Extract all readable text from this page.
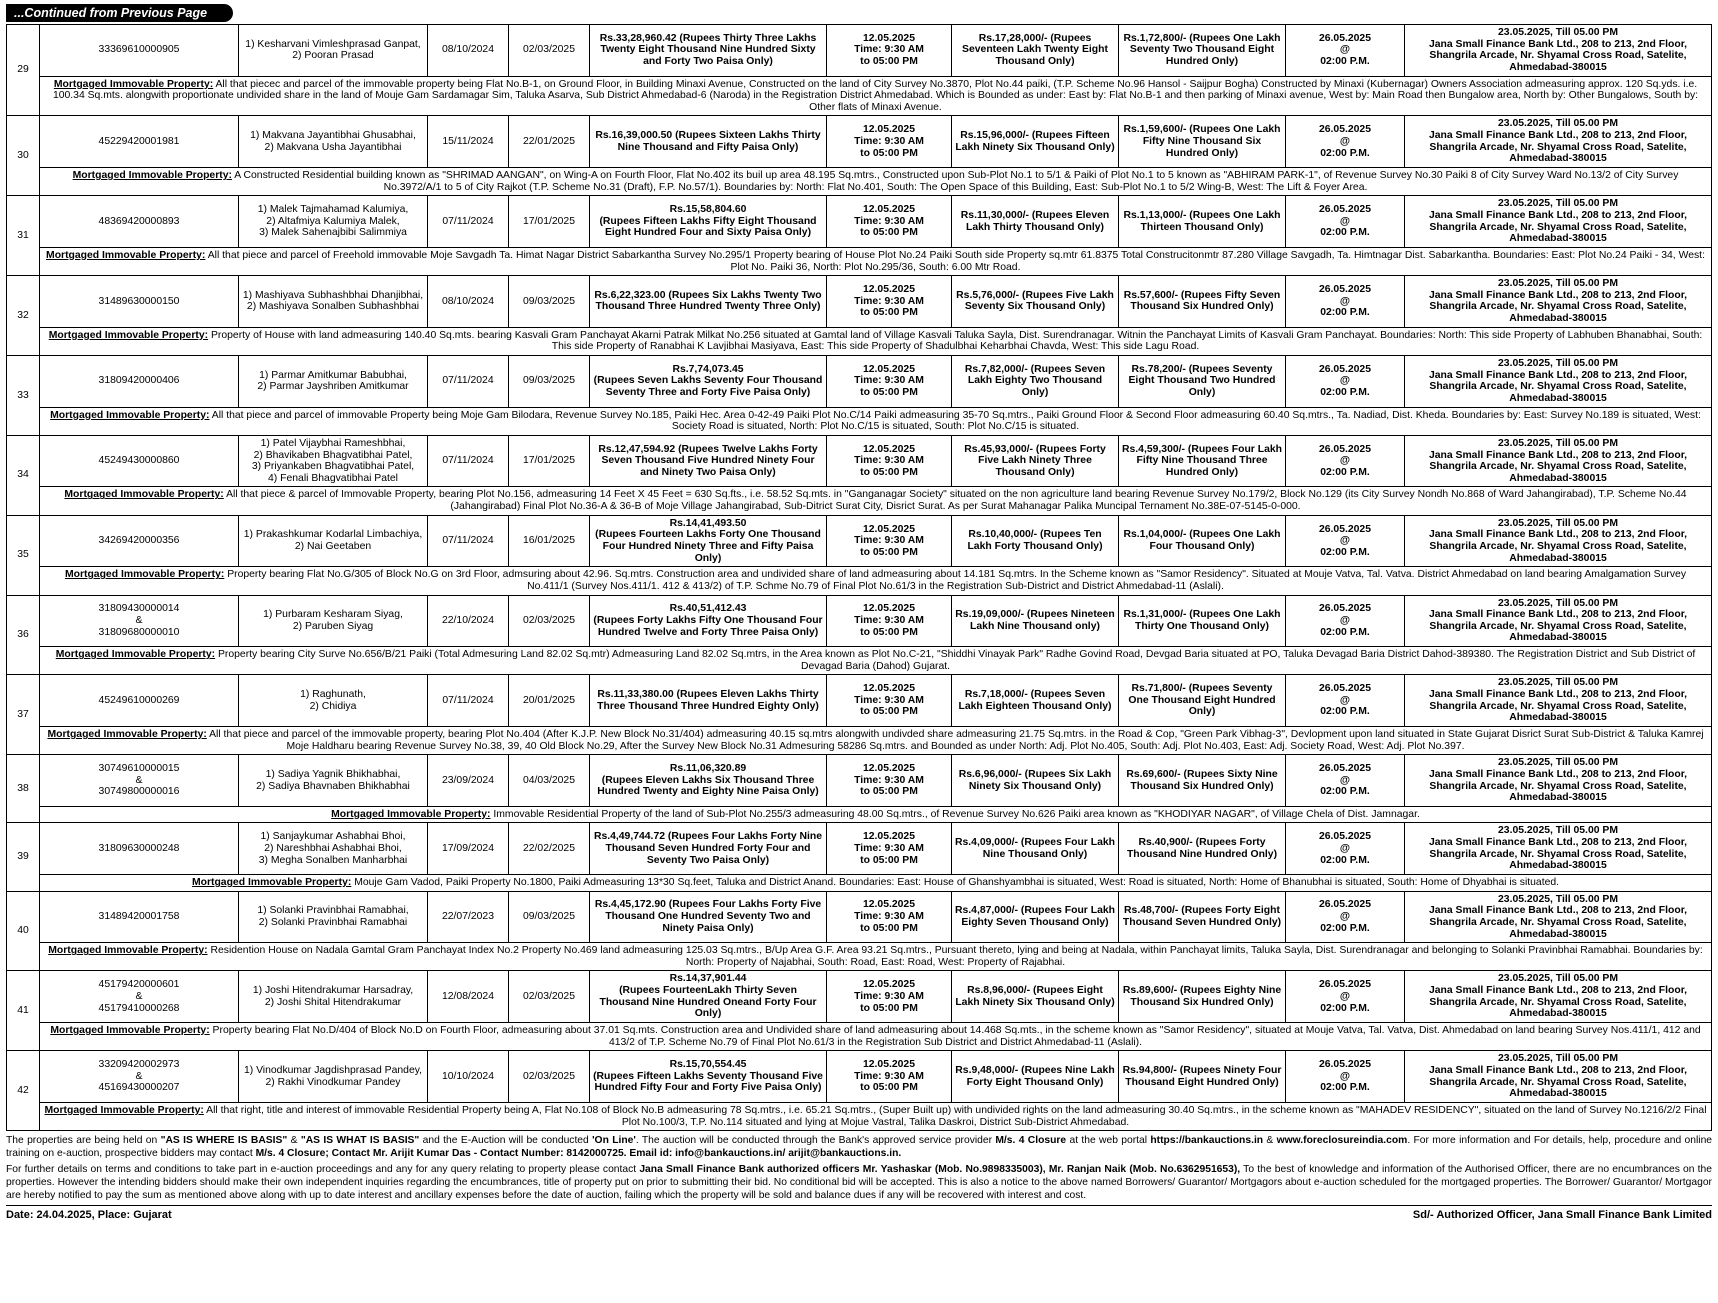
...Continued from Previous Page
29	33369610000905	1) Kesharvani Vimleshprasad Ganpat, 2) Pooran Prasad	08/10/2024	02/03/2025	Rs.33,28,960.42 (Rupees Thirty Three Lakhs Twenty Eight Thousand Nine Hundred Sixty and Forty Two Paisa Only)	12.05.2025
Time: 9:30 AM
to 05:00 PM	Rs.17,28,000/- (Rupees Seventeen Lakh Twenty Eight Thousand Only)	Rs.1,72,800/- (Rupees One Lakh Seventy Two Thousand Eight Hundred Only)	26.05.2025
@
02:00 P.M.	23.05.2025, Till 05.00 PM
Jana Small Finance Bank Ltd., 208 to 213, 2nd Floor, Shangrila Arcade, Nr. Shyamal Cross Road, Satelite, Ahmedabad-380015
	Mortgaged Immovable Property: All that piecec and parcel of the immovable property being Flat No.B-1, on Ground Floor, in Building Minaxi Avenue, Constructed on the land of City Survey No.3870, Plot No.44 paiki, (T.P. Scheme No.96 Hansol - Saijpur Bogha) Constructed by Minaxi (Kubernagar) Owners Association admeasuring approx. 120 Sq.yds. i.e. 100.34 Sq.mts. alongwith proportionate undivided share in the land of Mouje Gam Sardamagar Sim, Taluka Asarva, Sub District Ahmedabad-6 (Naroda) in the Registration District Ahmedabad. Which is Bounded as under: East by: Flat No.B-1 and then parking of Minaxi avenue, West by: Main Road then Bungalow area, North by: Other Bungalows, South by: Other flats of Minaxi Avenue.									
30	45229420001981	1) Makvana Jayantibhai Ghusabhai,
2) Makvana Usha Jayantibhai	15/11/2024	22/01/2025	Rs.16,39,000.50 (Rupees Sixteen Lakhs Thirty Nine Thousand and Fifty Paisa Only)	12.05.2025
Time: 9:30 AM
to 05:00 PM	Rs.15,96,000/- (Rupees Fifteen Lakh Ninety Six Thousand Only)	Rs.1,59,600/- (Rupees One Lakh Fifty Nine Thousand Six Hundred Only)	26.05.2025
@
02:00 P.M.	23.05.2025, Till 05.00 PM
Jana Small Finance Bank Ltd., 208 to 213, 2nd Floor, Shangrila Arcade, Nr. Shyamal Cross Road, Satelite, Ahmedabad-380015
	Mortgaged Immovable Property: A Constructed Residential building known as "SHRIMAD AANGAN", on Wing-A on Fourth Floor, Flat No.402 its buil up area 48.195 Sq.mtrs., Constructed upon Sub-Plot No.1 to 5/1 & Paiki of Plot No.1 to 5 known as "ABHIRAM PARK-1", of Revenue Survey No.30 Paiki 8 of City Survey Ward No.13/2 of City Survey No.3972/A/1 to 5 of City Rajkot (T.P. Scheme No.31 (Draft), F.P. No.57/1). Boundaries by: North: Flat No.401, South: The Open Space of this Building, East: Sub-Plot No.1 to 5/2 Wing-B, West: The Lift & Foyer Area.									
31	48369420000893	1) Malek Tajmahamad Kalumiya,
2) Altafmiya Kalumiya Malek,
3) Malek Sahenajbibi Salimmiya	07/11/2024	17/01/2025	Rs.15,58,804.60
(Rupees Fifteen Lakhs Fifty Eight Thousand Eight Hundred Four and Sixty Paisa Only)	12.05.2025
Time: 9:30 AM
to 05:00 PM	Rs.11,30,000/- (Rupees Eleven Lakh Thirty Thousand Only)	Rs.1,13,000/- (Rupees One Lakh Thirteen Thousand Only)	26.05.2025
@
02:00 P.M.	23.05.2025, Till 05.00 PM
Jana Small Finance Bank Ltd., 208 to 213, 2nd Floor, Shangrila Arcade, Nr. Shyamal Cross Road, Satelite, Ahmedabad-380015
	Mortgaged Immovable Property: All that piece and parcel of Freehold immovable Moje Savgadh Ta. Himat Nagar District Sabarkantha Survey No.295/1 Property bearing of House Plot No.24 Paiki South side Property sq.mtr 61.8375 Total Construcitonmtr 87.280 Village Savgadh, Ta. Himtnagar Dist. Sabarkantha. Boundaries: East: Plot No.24 Paiki - 34, West: Plot No. Paiki 36, North: Plot No.295/36, South: 6.00 Mtr Road.									
32	31489630000150	1) Mashiyava Subhashbhai Dhanjibhai, 2) Mashiyava Sonalben Subhashbhai	08/10/2024	09/03/2025	Rs.6,22,323.00 (Rupees Six Lakhs Twenty Two Thousand Three Hundred Twenty Three Only)	12.05.2025
Time: 9:30 AM
to 05:00 PM	Rs.5,76,000/- (Rupees Five Lakh Seventy Six Thousand Only)	Rs.57,600/- (Rupees Fifty Seven Thousand Six Hundred Only)	26.05.2025
@
02:00 P.M.	23.05.2025, Till 05.00 PM
Jana Small Finance Bank Ltd., 208 to 213, 2nd Floor, Shangrila Arcade, Nr. Shyamal Cross Road, Satelite, Ahmedabad-380015
	Mortgaged Immovable Property: Property of House with land admeasuring 140.40 Sq.mts. bearing Kasvali Gram Panchayat Akarni Patrak Milkat No.256 situated at Gamtal land of Village Kasvali Taluka Sayla, Dist. Surendranagar. Witnin the Panchayat Limits of Kasvali Gram Panchayat. Boundaries: North: This side Property of Labhuben Bhanabhai, South: This side Property of Ranabhai K Lavjibhai Masiyava, East: This side Property of Shadulbhai Keharbhai Chavda, West: This side Lagu Road.									
33	31809420000406	1) Parmar Amitkumar Babubhai,
2) Parmar Jayshriben Amitkumar	07/11/2024	09/03/2025	Rs.7,74,073.45
(Rupees Seven Lakhs Seventy Four Thousand Seventy Three and Forty Five Paisa Only)	12.05.2025
Time: 9:30 AM
to 05:00 PM	Rs.7,82,000/- (Rupees Seven Lakh Eighty Two Thousand Only)	Rs.78,200/- (Rupees Seventy Eight Thousand Two Hundred Only)	26.05.2025
@
02:00 P.M.	23.05.2025, Till 05.00 PM
Jana Small Finance Bank Ltd., 208 to 213, 2nd Floor, Shangrila Arcade, Nr. Shyamal Cross Road, Satelite, Ahmedabad-380015
	Mortgaged Immovable Property: All that piece and parcel of immovable Property being Moje Gam Bilodara, Revenue Survey No.185, Paiki Hec. Area 0-42-49 Paiki Plot No.C/14 Paiki admeasuring 35-70 Sq.mtrs., Paiki Ground Floor & Second Floor admeasuring 60.40 Sq.mtrs., Ta. Nadiad, Dist. Kheda. Boundaries by: East: Survey No.189 is situated, West: Society Road is situated, North: Plot No.C/15 is situated, South: Plot No.C/15 is situated.									
34	45249430000860	1) Patel Vijaybhai Rameshbhai,
2) Bhavikaben Bhagvatibhai Patel,
3) Priyankaben Bhagvatibhai Patel,
4) Fenali Bhagvatibhai Patel	07/11/2024	17/01/2025	Rs.12,47,594.92 (Rupees Twelve Lakhs Forty Seven Thousand Five Hundred Ninety Four and Ninety Two Paisa Only)	12.05.2025
Time: 9:30 AM
to 05:00 PM	Rs.45,93,000/- (Rupees Forty Five Lakh Ninety Three Thousand Only)	Rs.4,59,300/- (Rupees Four Lakh Fifty Nine Thousand Three Hundred Only)	26.05.2025
@
02:00 P.M.	23.05.2025, Till 05.00 PM
Jana Small Finance Bank Ltd., 208 to 213, 2nd Floor, Shangrila Arcade, Nr. Shyamal Cross Road, Satelite, Ahmedabad-380015
	Mortgaged Immovable Property: All that piece & parcel of Immovable Property, bearing Plot No.156, admeasuring 14 Feet X 45 Feet = 630 Sq.fts., i.e. 58.52 Sq.mts. in "Ganganagar Society" situated on the non agriculture land bearing Revenue Survey No.179/2, Block No.129 (its City Survey Nondh No.868 of Ward Jahangirabad), T.P. Scheme No.44 (Jahangirabad) Final Plot No.36-A & 36-B of Moje Village Jahangirabad, Sub-Ditrict Surat City, Disrict Surat. As per Surat Mahanagar Palika Muncipal Ternament No.38E-07-5145-0-000.									
35	34269420000356	1) Prakashkumar Kodarlal Limbachiya, 2) Nai Geetaben	07/11/2024	16/01/2025	Rs.14,41,493.50
(Rupees Fourteen Lakhs Forty One Thousand Four Hundred Ninety Three and Fifty Paisa Only)	12.05.2025
Time: 9:30 AM
to 05:00 PM	Rs.10,40,000/- (Rupees Ten Lakh Forty Thousand Only)	Rs.1,04,000/- (Rupees One Lakh Four Thousand Only)	26.05.2025
@
02:00 P.M.	23.05.2025, Till 05.00 PM
Jana Small Finance Bank Ltd., 208 to 213, 2nd Floor, Shangrila Arcade, Nr. Shyamal Cross Road, Satelite, Ahmedabad-380015
	Mortgaged Immovable Property: Property bearing Flat No.G/305 of Block No.G on 3rd Floor, admsuring about 42.96. Sq.mtrs. Construction area and undivided share of land admeasuring about 14.181 Sq.mtrs. In the Scheme known as "Samor Residency". Situated at Mouje Vatva, Tal. Vatva. District Ahmedabad on land bearing Amalgamation Survey No.411/1 (Survey Nos.411/1. 412 & 413/2) of T.P. Schme No.79 of Final Plot No.61/3 in the Registration Sub-District and District Ahmedabad-11 (Aslali).									
36	31809430000014
&
31809680000010	1) Purbaram Kesharam Siyag,
2) Paruben Siyag	22/10/2024	02/03/2025	Rs.40,51,412.43
(Rupees Forty Lakhs Fifty One Thousand Four Hundred Twelve and Forty Three Paisa Only)	12.05.2025
Time: 9:30 AM
to 05:00 PM	Rs.19,09,000/- (Rupees Nineteen Lakh Nine Thousand only)	Rs.1,31,000/- (Rupees One Lakh Thirty One Thousand Only)	26.05.2025
@
02:00 P.M.	23.05.2025, Till 05.00 PM
Jana Small Finance Bank Ltd., 208 to 213, 2nd Floor, Shangrila Arcade, Nr. Shyamal Cross Road, Satelite, Ahmedabad-380015
	Mortgaged Immovable Property: Property bearing City Surve No.656/B/21 Paiki (Total Admesuring Land 82.02 Sq.mtr) Admeasuring Land 82.02 Sq.mtrs, in the Area known as Plot No.C-21, "Shiddhi Vinayak Park" Radhe Govind Road, Devgad Baria situated at PO, Taluka Devagad Baria District Dahod-389380. The Registration District and Sub District of Devagad Baria (Dahod) Gujarat.									
37	45249610000269	1) Raghunath,
2) Chidiya	07/11/2024	20/01/2025	Rs.11,33,380.00 (Rupees Eleven Lakhs Thirty Three Thousand Three Hundred Eighty Only)	12.05.2025
Time: 9:30 AM
to 05:00 PM	Rs.7,18,000/- (Rupees Seven Lakh Eighteen Thousand Only)	Rs.71,800/- (Rupees Seventy One Thousand Eight Hundred Only)	26.05.2025
@
02:00 P.M.	23.05.2025, Till 05.00 PM
Jana Small Finance Bank Ltd., 208 to 213, 2nd Floor, Shangrila Arcade, Nr. Shyamal Cross Road, Satelite, Ahmedabad-380015
	Mortgaged Immovable Property: All that piece and parcel of the immovable property, bearing Plot No.404 (After K.J.P. New Block No.31/404) admeasuring 40.15 sq.mtrs alongwith undivded share admeasuring 21.75 Sq.mtrs. in the Road & Cop, "Green Park Vibhag-3", Devlopment upon land situated in State Gujarat Disrict Surat Sub-District & Taluka Kamrej Moje Haldharu bearing Revenue Survey No.38, 39, 40 Old Block No.29, After the Survey New Block No.31 Admesuring 58286 Sq.mtrs. and Bounded as under North: Adj. Plot No.405, South: Adj. Plot No.403, East: Adj. Society Road, West: Adj. Plot No.397.									
38	30749610000015
&
30749800000016	1) Sadiya Yagnik Bhikhabhai,
2) Sadiya Bhavnaben Bhikhabhai	23/09/2024	04/03/2025	Rs.11,06,320.89
(Rupees Eleven Lakhs Six Thousand Three Hundred Twenty and Eighty Nine Paisa Only)	12.05.2025
Time: 9:30 AM
to 05:00 PM	Rs.6,96,000/- (Rupees Six Lakh Ninety Six Thousand Only)	Rs.69,600/- (Rupees Sixty Nine Thousand Six Hundred Only)	26.05.2025
@
02:00 P.M.	23.05.2025, Till 05.00 PM
Jana Small Finance Bank Ltd., 208 to 213, 2nd Floor, Shangrila Arcade, Nr. Shyamal Cross Road, Satelite, Ahmedabad-380015
	Mortgaged Immovable Property: Immovable Residential Property of the land of Sub-Plot No.255/3 admeasuring 48.00 Sq.mtrs., of Revenue Survey No.626 Paiki area known as "KHODIYAR NAGAR", of Village Chela of Dist. Jamnagar.									
39	31809630000248	1) Sanjaykumar Ashabhai Bhoi,
2) Nareshbhai Ashabhai Bhoi,
3) Megha Sonalben Manharbhai	17/09/2024	22/02/2025	Rs.4,49,744.72 (Rupees Four Lakhs Forty Nine Thousand Seven Hundred Forty Four and Seventy Two Paisa Only)	12.05.2025
Time: 9:30 AM
to 05:00 PM	Rs.4,09,000/- (Rupees Four Lakh Nine Thousand Only)	Rs.40,900/- (Rupees Forty Thousand Nine Hundred Only)	26.05.2025
@
02:00 P.M.	23.05.2025, Till 05.00 PM
Jana Small Finance Bank Ltd., 208 to 213, 2nd Floor, Shangrila Arcade, Nr. Shyamal Cross Road, Satelite, Ahmedabad-380015
	Mortgaged Immovable Property: Mouje Gam Vadod, Paiki Property No.1800, Paiki Admeasuring 13*30 Sq.feet, Taluka and District Anand. Boundaries: East: House of Ghanshyambhai is situated, West: Road is situated, North: Home of Bhanubhai is situated, South: Home of Dhyabhai is situated.									
40	31489420001758	1) Solanki Pravinbhai Ramabhai,
2) Solanki Pravinbhai Ramabhai	22/07/2023	09/03/2025	Rs.4,45,172.90 (Rupees Four Lakhs Forty Five Thousand One Hundred Seventy Two and Ninety Paisa Only)	12.05.2025
Time: 9:30 AM
to 05:00 PM	Rs.4,87,000/- (Rupees Four Lakh Eighty Seven Thousand Only)	Rs.48,700/- (Rupees Forty Eight Thousand Seven Hundred Only)	26.05.2025
@
02:00 P.M.	23.05.2025, Till 05.00 PM
Jana Small Finance Bank Ltd., 208 to 213, 2nd Floor, Shangrila Arcade, Nr. Shyamal Cross Road, Satelite, Ahmedabad-380015
	Mortgaged Immovable Property: Residention House on Nadala Gamtal Gram Panchayat Index No.2 Property No.469 land admeasuring 125.03 Sq.mtrs., B/Up Area G.F. Area 93.21 Sq.mtrs., Pursuant thereto, lying and being at Nadala, within Panchayat limits, Taluka Sayla, Dist. Surendranagar and belonging to Solanki Pravinbhai Ramabhai. Boundaries by: North: Property of Najabhai, South: Road, East: Road, West: Property of Rajabhai.									
41	45179420000601
&
45179410000268	1) Joshi Hitendrakumar Harsadray,
2) Joshi Shital Hitendrakumar	12/08/2024	02/03/2025	Rs.14,37,901.44
(Rupees FourteenLakh Thirty Seven Thousand Nine Hundred Oneand Forty Four Only)	12.05.2025
Time: 9:30 AM
to 05:00 PM	Rs.8,96,000/- (Rupees Eight Lakh Ninety Six Thousand Only)	Rs.89,600/- (Rupees Eighty Nine Thousand Six Hundred Only)	26.05.2025
@
02:00 P.M.	23.05.2025, Till 05.00 PM
Jana Small Finance Bank Ltd., 208 to 213, 2nd Floor, Shangrila Arcade, Nr. Shyamal Cross Road, Satelite, Ahmedabad-380015
	Mortgaged Immovable Property: Property bearing Flat No.D/404 of Block No.D on Fourth Floor, admeasuring about 37.01 Sq.mts. Construction area and Undivided share of land admeasuring about 14.468 Sq.mts., in the scheme known as "Samor Residency", situated at Mouje Vatva, Tal. Vatva, Dist. Ahmedabad on land bearing Survey Nos.411/1, 412 and 413/2 of T.P. Scheme No.79 of Final Plot No.61/3 in the Registration Sub District and District Ahmedabad-11 (Aslali).									
42	33209420002973
&
45169430000207	1) Vinodkumar Jagdishprasad Pandey, 2) Rakhi Vinodkumar Pandey	10/10/2024	02/03/2025	Rs.15,70,554.45
(Rupees Fifteen Lakhs Seventy Thousand Five Hundred Fifty Four and Forty Five Paisa Only)	12.05.2025
Time: 9:30 AM
to 05:00 PM	Rs.9,48,000/- (Rupees Nine Lakh Forty Eight Thousand Only)	Rs.94,800/- (Rupees Ninety Four Thousand Eight Hundred Only)	26.05.2025
@
02:00 P.M.	23.05.2025, Till 05.00 PM
Jana Small Finance Bank Ltd., 208 to 213, 2nd Floor, Shangrila Arcade, Nr. Shyamal Cross Road, Satelite, Ahmedabad-380015
	Mortgaged Immovable Property: All that right, title and interest of immovable Residential Property being A, Flat No.108 of Block No.B admeasuring 78 Sq.mtrs., i.e. 65.21 Sq.mtrs., (Super Built up) with undivided rights on the land admeasuring 30.40 Sq.mtrs., in the scheme known as "MAHADEV RESIDENCY", situated on the land of Survey No.1216/2/2 Final Plot No.100/3, T.P. No.114 situated and lying at Mojue Vastral, Talika Daskroi, District Sub-District Ahmedabad.									

The properties are being held on "AS IS WHERE IS BASIS" & "AS IS WHAT IS BASIS" and the E-Auction will be conducted 'On Line'. The auction will be conducted through the Bank's approved service provider M/s. 4 Closure at the web portal https://bankauctions.in & www.foreclosureindia.com. For more information and For details, help, procedure and online training on e-auction, prospective bidders may contact M/s. 4 Closure; Contact Mr. Arijit Kumar Das - Contact Number: 8142000725. Email id: info@bankauctions.in/ arijit@bankauctions.in.

For further details on terms and conditions to take part in e-auction proceedings and any for any query relating to property please contact Jana Small Finance Bank authorized officers Mr. Yashaskar (Mob. No.9898335003), Mr. Ranjan Naik (Mob. No.6362951653), To the best of knowledge and information of the Authorised Officer, there are no encumbrances on the properties. However the intending bidders should make their own independent inquiries regarding the encumbrances, title of property put on prior to submitting their bid. No conditional bid will be accepted. This is also a notice to the above named Borrowers/ Guarantor/ Mortgagors about e-auction scheduled for the mortgaged properties. The Borrower/ Guarantor/ Mortgagor are hereby notified to pay the sum as mentioned above along with up to date interest and ancillary expenses before the date of auction, failing which the property will be sold and balance dues if any will be recovered with interest and cost.

Date: 24.04.2025, Place: Gujarat	Sd/- Authorized Officer, Jana Small Finance Bank Limited
